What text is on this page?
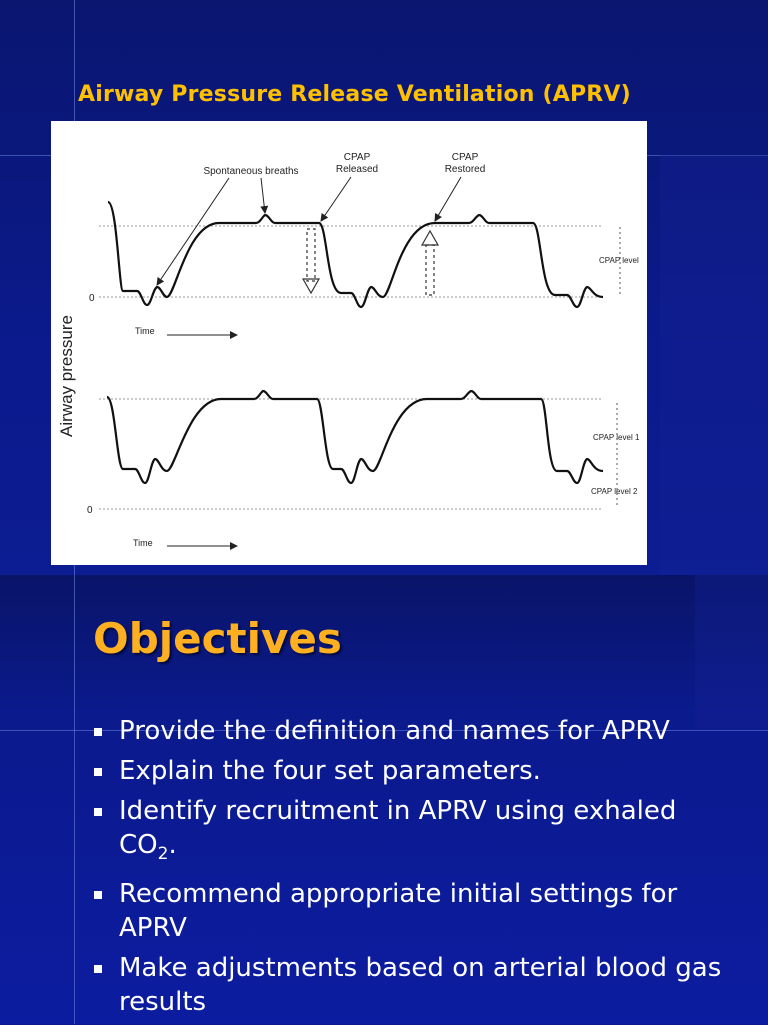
Airway Pressure Release Ventilation (APRV)
Airway pressure
Spontaneous breaths
CPAP
Released
CPAP
Restored
CPAP level
0
Time
CPAP level 1
CPAP level 2
0
Time
Objectives
Provide the definition and names for APRV
Explain the four set parameters.
Identify recruitment in APRV using exhaled
$CO_2$.
Recommend appropriate initial settings for APRV
Make adjustments based on arterial blood gas results
